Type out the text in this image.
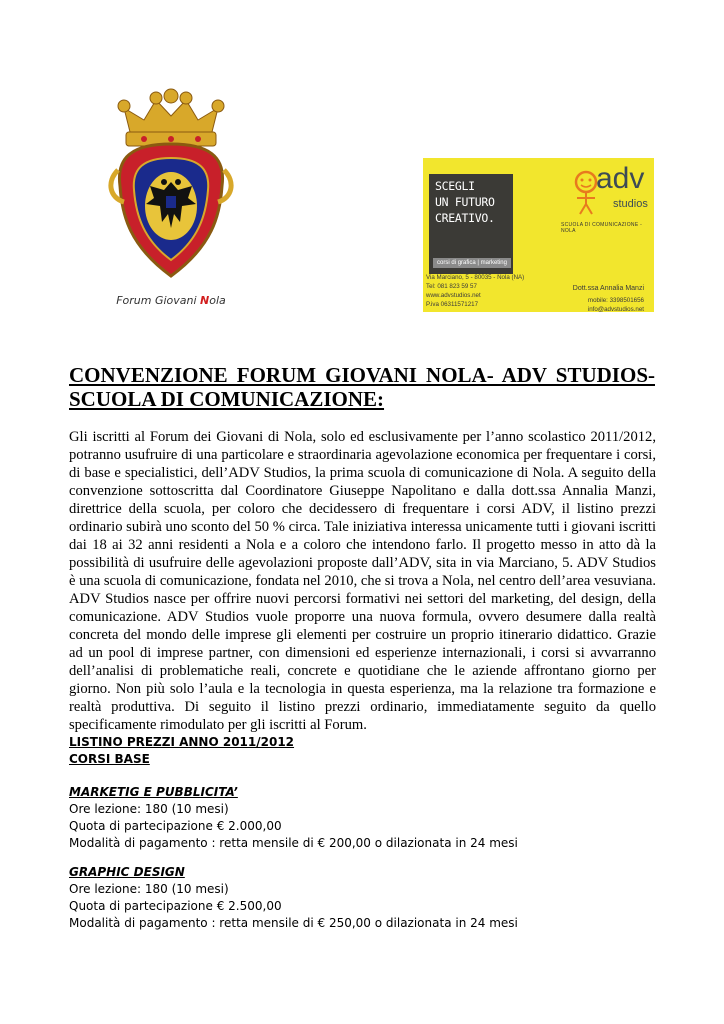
Forum Giovani Nola
SCEGLI
UN FUTURO
CREATIVO.
corsi di grafica | marketing
adv
studios
SCUOLA DI COMUNICAZIONE - NOLA
Via Marciano, 5 - 80035 - Nola (NA)
Tel: 081 823 59 57
www.advstudios.net
P.iva 06311571217
Dott.ssa Annalia Manzi
mobile: 3398501656
info@advstudios.net
CONVENZIONE FORUM GIOVANI NOLA- ADV STUDIOS-SCUOLA DI COMUNICAZIONE:

Gli iscritti al Forum dei Giovani di Nola, solo ed esclusivamente per l’anno scolastico 2011/2012, potranno usufruire di una particolare e straordinaria agevolazione economica per frequentare i corsi, di base e specialistici, dell’ADV Studios, la prima scuola di comunicazione di Nola. A seguito della convenzione sottoscritta dal Coordinatore Giuseppe Napolitano e dalla dott.ssa Annalia Manzi, direttrice della scuola, per coloro che decidessero di frequentare i corsi ADV, il listino prezzi ordinario subirà uno sconto del 50 % circa. Tale iniziativa interessa unicamente tutti i giovani iscritti dai 18 ai 32 anni residenti a Nola e a coloro che intendono farlo. Il progetto messo in atto dà la possibilità di usufruire delle agevolazioni proposte dall’ADV, sita in via Marciano, 5. ADV Studios è una scuola di comunicazione, fondata nel 2010, che si trova a Nola, nel centro dell’area vesuviana. ADV Studios nasce per offrire nuovi percorsi formativi nei settori del marketing, del design, della comunicazione. ADV Studios vuole proporre una nuova formula, ovvero desumere dalla realtà concreta del mondo delle imprese gli elementi per costruire un proprio itinerario didattico. Grazie ad un pool di imprese partner, con dimensioni ed esperienze internazionali, i corsi si avvarranno dell’analisi di problematiche reali, concrete e quotidiane che le aziende affrontano giorno per giorno. Non più solo l’aula e la tecnologia in questa esperienza, ma la relazione tra formazione e realtà produttiva. Di seguito il listino prezzi ordinario, immediatamente seguito da quello specificamente rimodulato per gli iscritti al Forum.

LISTINO PREZZI ANNO 2011/2012
CORSI BASE
MARKETIG E PUBBLICITA’
Ore lezione: 180 (10 mesi)
Quota di partecipazione € 2.000,00
Modalità di pagamento : retta mensile di € 200,00 o dilazionata in 24 mesi
GRAPHIC DESIGN
Ore lezione: 180 (10 mesi)
Quota di partecipazione € 2.500,00
Modalità di pagamento : retta mensile di € 250,00 o dilazionata in 24 mesi
